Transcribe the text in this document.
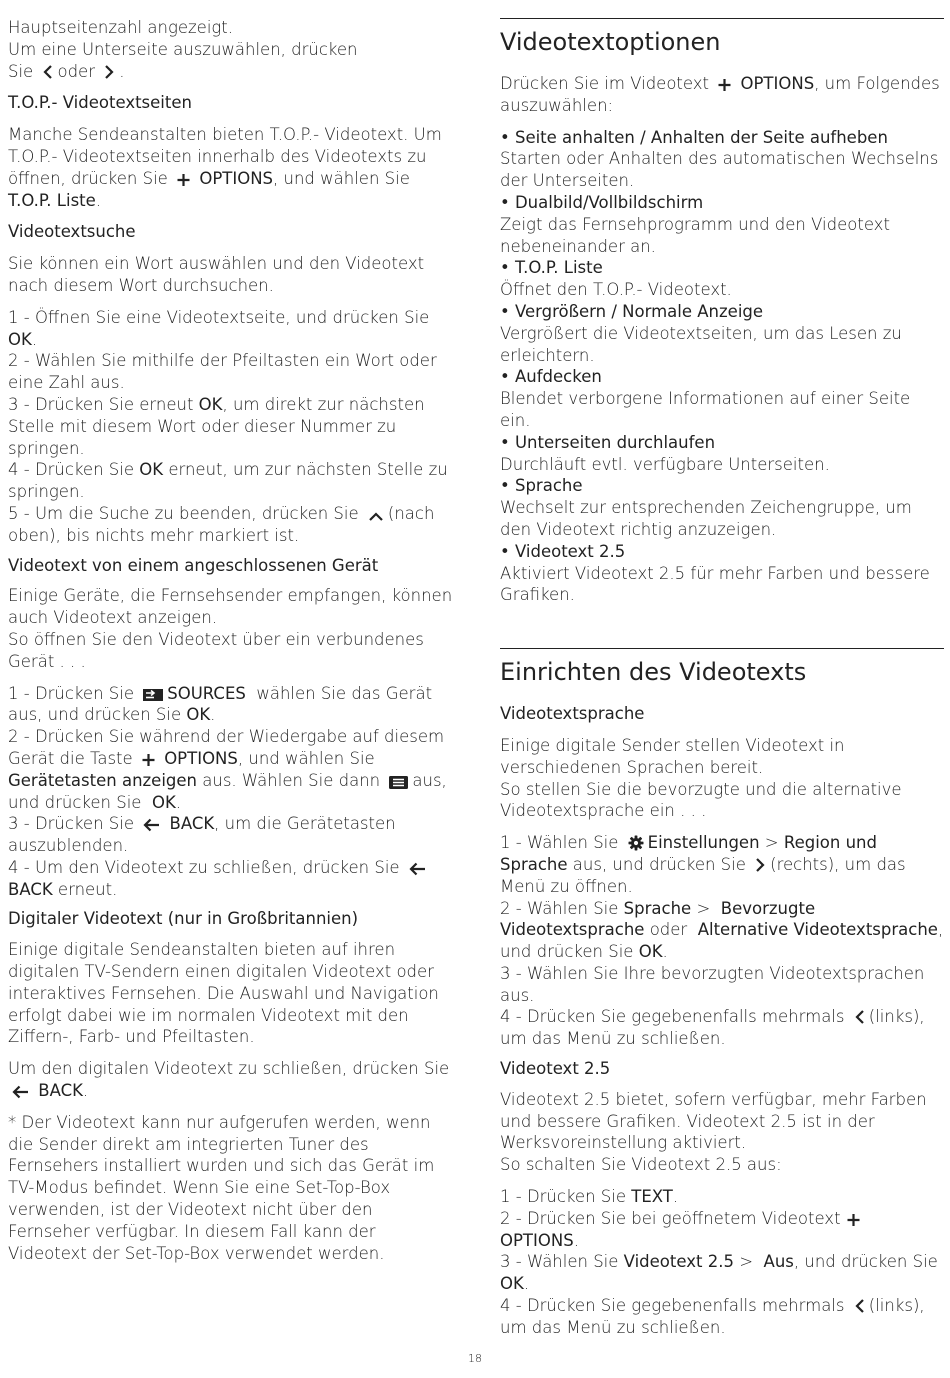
Hauptseitenzahl angezeigt.
Um eine Unterseite auszuwählen, drücken
Sie oder .

T.O.P.- Videotextseiten

Manche Sendeanstalten bieten T.O.P.- Videotext. Um T.O.P.- Videotextseiten innerhalb des Videotexts zu öffnen, drücken Sie OPTIONS, und wählen Sie T.O.P. Liste.

Videotextsuche

Sie können ein Wort auswählen und den Videotext nach diesem Wort durchsuchen.

1 - Öffnen Sie eine Videotextseite, und drücken Sie OK.
2 - Wählen Sie mithilfe der Pfeiltasten ein Wort oder eine Zahl aus.
3 - Drücken Sie erneut OK, um direkt zur nächsten Stelle mit diesem Wort oder dieser Nummer zu springen.
4 - Drücken Sie OK erneut, um zur nächsten Stelle zu springen.
5 - Um die Suche zu beenden, drücken Sie (nach oben), bis nichts mehr markiert ist.

Videotext von einem angeschlossenen Gerät

Einige Geräte, die Fernsehsender empfangen, können auch Videotext anzeigen.
So öffnen Sie den Videotext über ein verbundenes Gerät . . .

1 - Drücken Sie SOURCES wählen Sie das Gerät aus, und drücken Sie OK.
2 - Drücken Sie während der Wiedergabe auf diesem Gerät die Taste OPTIONS, und wählen Sie Gerätetasten anzeigen aus. Wählen Sie dann aus, und drücken Sie OK.
3 - Drücken Sie BACK, um die Gerätetasten auszublenden.
4 - Um den Videotext zu schließen, drücken Sie
BACK erneut.

Digitaler Videotext (nur in Großbritannien)

Einige digitale Sendeanstalten bieten auf ihren digitalen TV-Sendern einen digitalen Videotext oder interaktives Fernsehen. Die Auswahl und Navigation erfolgt dabei wie im normalen Videotext mit den Ziffern-, Farb- und Pfeiltasten.

Um den digitalen Videotext zu schließen, drücken Sie
BACK.

* Der Videotext kann nur aufgerufen werden, wenn die Sender direkt am integrierten Tuner des Fernsehers installiert wurden und sich das Gerät im TV-Modus befindet. Wenn Sie eine Set-Top-Box verwenden, ist der Videotext nicht über den Fernseher verfügbar. In diesem Fall kann der Videotext der Set-Top-Box verwendet werden.

Videotextoptionen

Drücken Sie im Videotext OPTIONS, um Folgendes auszuwählen:

• Seite anhalten / Anhalten der Seite aufheben
Starten oder Anhalten des automatischen Wechselns der Unterseiten.
• Dualbild/Vollbildschirm
Zeigt das Fernsehprogramm und den Videotext nebeneinander an.
• T.O.P. Liste
Öffnet den T.O.P.- Videotext.
• Vergrößern / Normale Anzeige
Vergrößert die Videotextseiten, um das Lesen zu erleichtern.
• Aufdecken
Blendet verborgene Informationen auf einer Seite ein.
• Unterseiten durchlaufen
Durchläuft evtl. verfügbare Unterseiten.
• Sprache
Wechselt zur entsprechenden Zeichengruppe, um den Videotext richtig anzuzeigen.
• Videotext 2.5
Aktiviert Videotext 2.5 für mehr Farben und bessere Grafiken.
Einrichten des Videotexts
Videotextsprache

Einige digitale Sender stellen Videotext in verschiedenen Sprachen bereit.
So stellen Sie die bevorzugte und die alternative Videotextsprache ein . . .

1 - Wählen Sie Einstellungen > Region und Sprache aus, und drücken Sie (rechts), um das Menü zu öffnen.
2 - Wählen Sie Sprache > Bevorzugte Videotextsprache oder Alternative Videotextsprache, und drücken Sie OK.
3 - Wählen Sie Ihre bevorzugten Videotextsprachen aus.
4 - Drücken Sie gegebenenfalls mehrmals (links), um das Menü zu schließen.

Videotext 2.5

Videotext 2.5 bietet, sofern verfügbar, mehr Farben und bessere Grafiken. Videotext 2.5 ist in der Werksvoreinstellung aktiviert.
So schalten Sie Videotext 2.5 aus:

1 - Drücken Sie TEXT.
2 - Drücken Sie bei geöffnetem Videotext
OPTIONS.
3 - Wählen Sie Videotext 2.5 > Aus, und drücken Sie OK.
4 - Drücken Sie gegebenenfalls mehrmals (links), um das Menü zu schließen.

18
